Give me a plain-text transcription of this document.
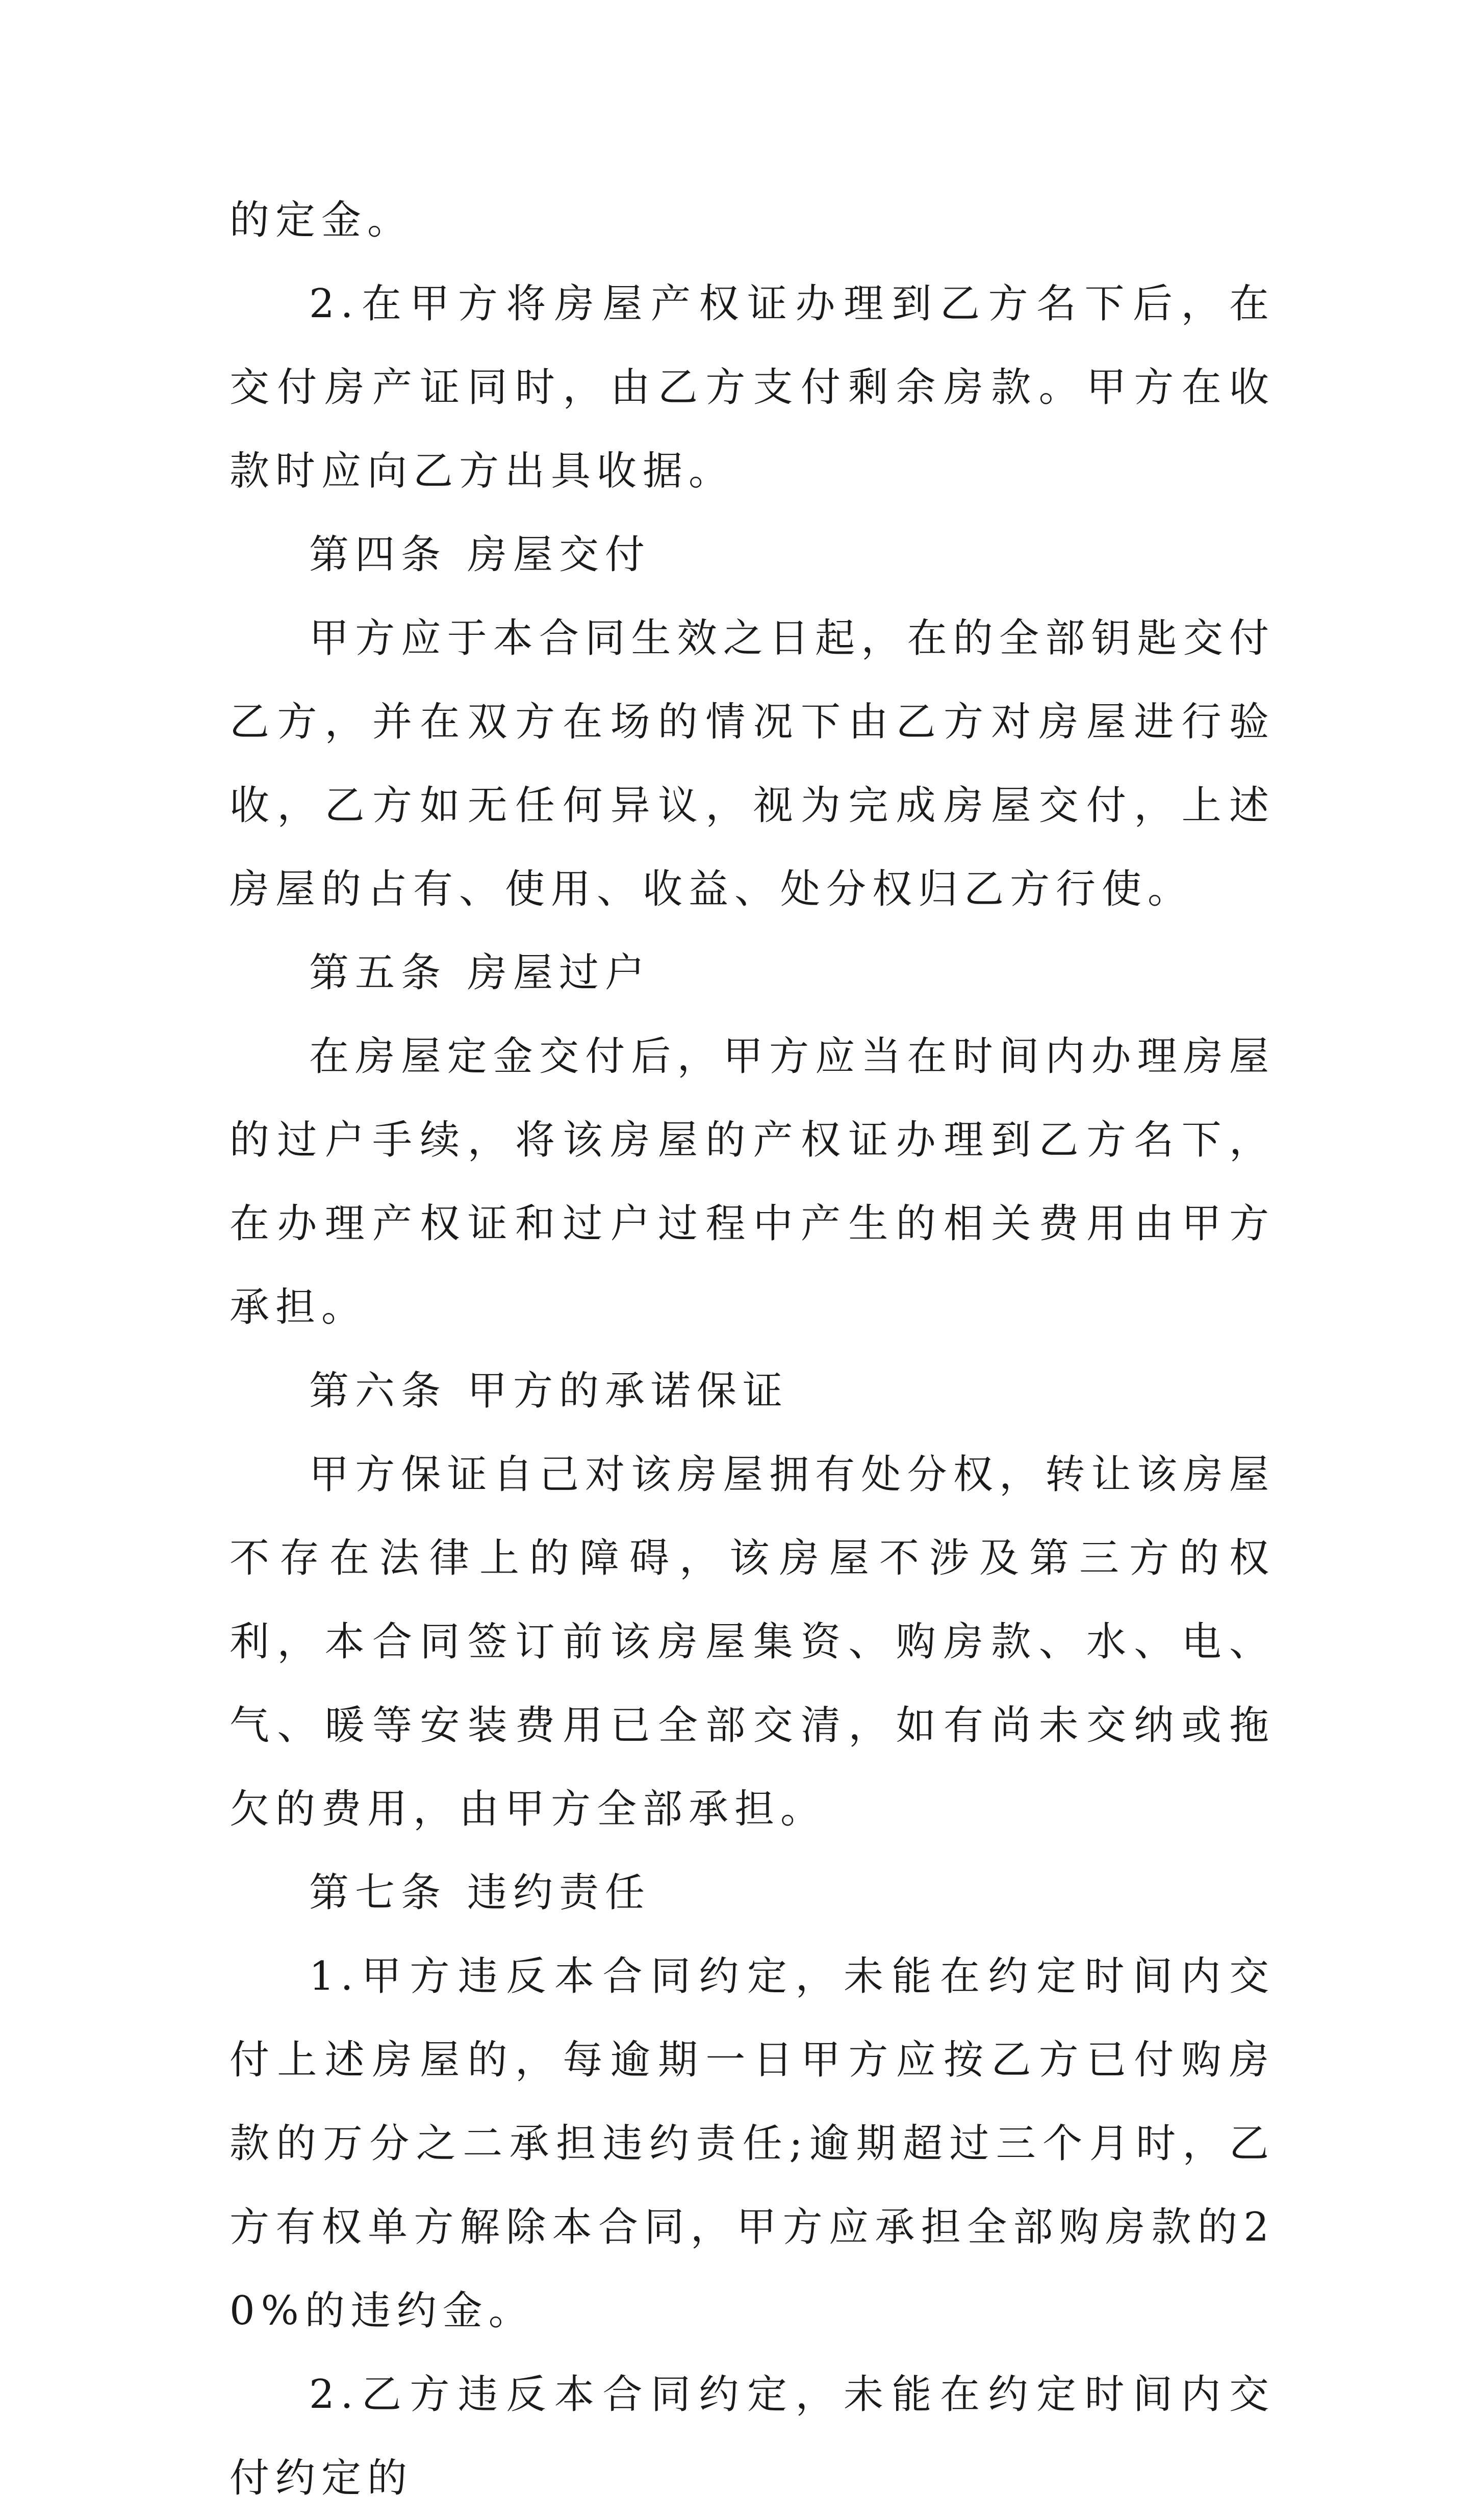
的定金。

2.在甲方将房屋产权证办理到乙方名下后，在交付房产证同时，由乙方支付剩余房款。甲方在收款时应向乙方出具收据。

第四条 房屋交付

甲方应于本合同生效之日起，在的全部钥匙交付乙方，并在双方在场的情况下由乙方对房屋进行验收，乙方如无任何异议，视为完成房屋交付，上述房屋的占有、使用、收益、处分权归乙方行使。

第五条 房屋过户

在房屋定金交付后，甲方应当在时间内办理房屋的过户手续，将该房屋的产权证办理到乙方名下，在办理产权证和过户过程中产生的相关费用由甲方承担。

第六条 甲方的承诺保证

甲方保证自己对该房屋拥有处分权，转让该房屋不存在法律上的障碍，该房屋不涉及第三方的权利，本合同签订前该房屋集资、购房款、水、电、气、暖等安装费用已全部交清，如有尚未交纳或拖欠的费用，由甲方全部承担。

第七条 违约责任

1.甲方违反本合同约定，未能在约定时间内交付上述房屋的，每逾期一日甲方应按乙方已付购房款的万分之二承担违约责任;逾期超过三个月时，乙方有权单方解除本合同，甲方应承担全部购房款的20%的违约金。

2.乙方违反本合同约定，未能在约定时间内交付约定的
